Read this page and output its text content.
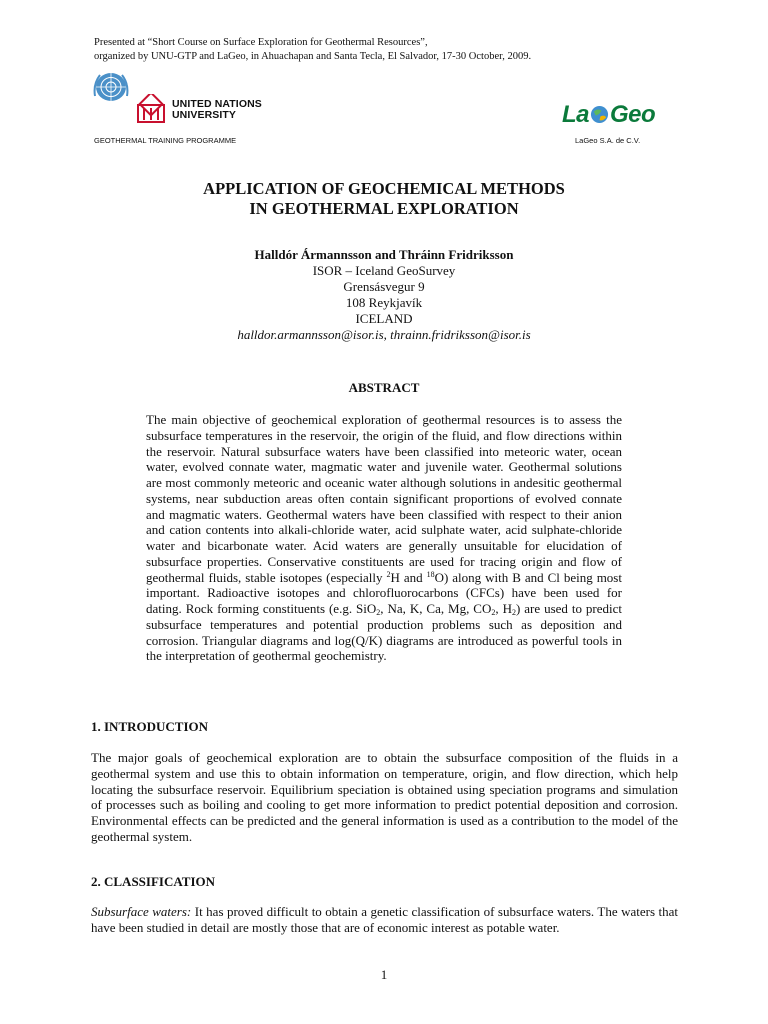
Presented at “Short Course on Surface Exploration for Geothermal Resources”,
organized by UNU-GTP and LaGeo, in Ahuachapan and Santa Tecla, El Salvador, 17-30 October, 2009.
UNITED NATIONS
UNIVERSITY
GEOTHERMAL TRAINING PROGRAMME
La Geo
LaGeo S.A. de C.V.
APPLICATION OF GEOCHEMICAL METHODS
IN GEOTHERMAL EXPLORATION
Halldór Ármannsson and Thráinn Fridriksson
ISOR – Iceland GeoSurvey
Grensásvegur 9
108 Reykjavík
ICELAND
halldor.armannsson@isor.is, thrainn.fridriksson@isor.is
ABSTRACT
The main objective of geochemical exploration of geothermal resources is to assess the subsurface temperatures in the reservoir, the origin of the fluid, and flow directions within the reservoir. Natural subsurface waters have been classified into meteoric water, ocean water, evolved connate water, magmatic water and juvenile water. Geothermal solutions are most commonly meteoric and oceanic water although solutions in andesitic geothermal systems, near subduction areas often contain significant proportions of evolved connate and magmatic waters. Geothermal waters have been classified with respect to their anion and cation contents into alkali-chloride water, acid sulphate water, acid sulphate-chloride water and bicarbonate water. Acid waters are generally unsuitable for elucidation of subsurface properties. Conservative constituents are used for tracing origin and flow of geothermal fluids, stable isotopes (especially $^2$H and $^{18}$O) along with B and Cl being most important. Radioactive isotopes and chlorofluorocarbons (CFCs) have been used for dating. Rock forming constituents (e.g. SiO$_2$, Na, K, Ca, Mg, $CO_2$, $H_2$) are used to predict subsurface temperatures and potential production problems such as deposition and corrosion. Triangular diagrams and log(Q/K) diagrams are introduced as powerful tools in the interpretation of geothermal geochemistry.
1. INTRODUCTION
The major goals of geochemical exploration are to obtain the subsurface composition of the fluids in a geothermal system and use this to obtain information on temperature, origin, and flow direction, which help locating the subsurface reservoir. Equilibrium speciation is obtained using speciation programs and simulation of processes such as boiling and cooling to get more information to predict potential deposition and corrosion. Environmental effects can be predicted and the general information is used as a contribution to the model of the geothermal system.
2. CLASSIFICATION
Subsurface waters: It has proved difficult to obtain a genetic classification of subsurface waters. The waters that have been studied in detail are mostly those that are of economic interest as potable water.
1
